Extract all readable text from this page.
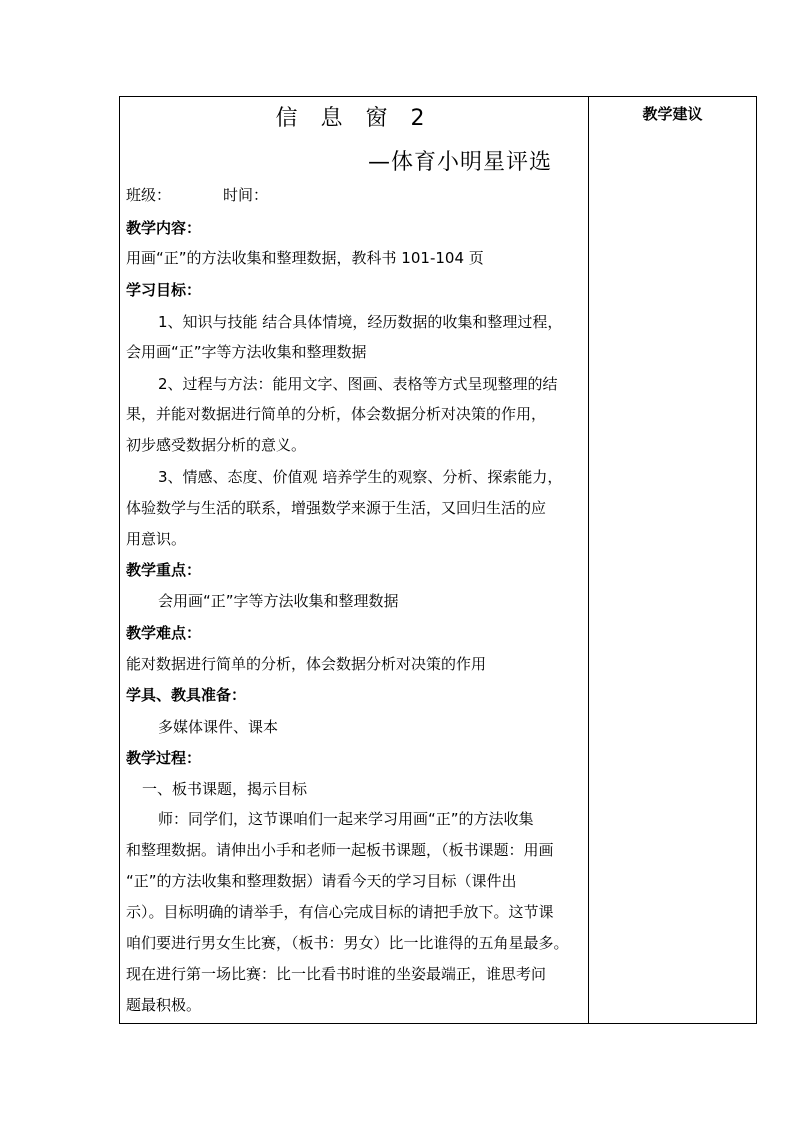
信 息 窗 2
—体育小明星评选
班级：	时间：
教学内容：
用画“正”的方法收集和整理数据，教科书 101-104 页
学习目标：
1、知识与技能 结合具体情境，经历数据的收集和整理过程，
会用画“正”字等方法收集和整理数据
2、过程与方法：能用文字、图画、表格等方式呈现整理的结
果，并能对数据进行简单的分析，体会数据分析对决策的作用，
初步感受数据分析的意义。
3、情感、态度、价值观 培养学生的观察、分析、探索能力，
体验数学与生活的联系，增强数学来源于生活，又回归生活的应
用意识。
教学重点：
会用画“正”字等方法收集和整理数据
教学难点：
能对数据进行简单的分析，体会数据分析对决策的作用
学具、教具准备：
多媒体课件、课本
教学过程：
一、板书课题，揭示目标
师：同学们，这节课咱们一起来学习用画“正”的方法收集
和整理数据。请伸出小手和老师一起板书课题，（板书课题：用画
“正”的方法收集和整理数据）请看今天的学习目标（课件出
示）。目标明确的请举手，有信心完成目标的请把手放下。这节课
咱们要进行男女生比赛，（板书：男女）比一比谁得的五角星最多。
现在进行第一场比赛：比一比看书时谁的坐姿最端正，谁思考问
题最积极。
教学建议
